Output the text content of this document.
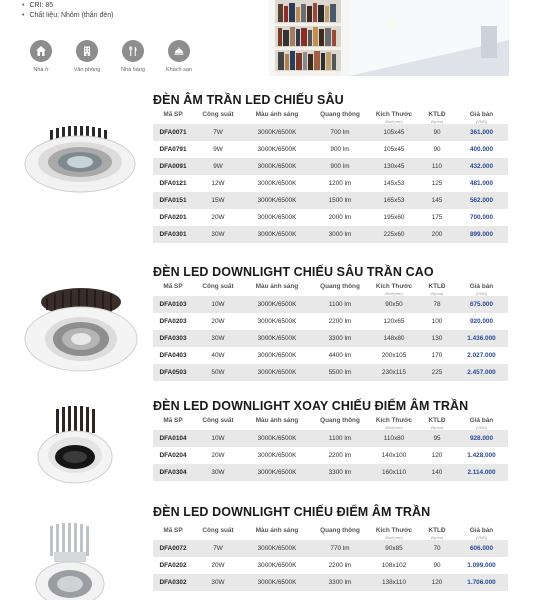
• CRI: 85
• Chất liệu: Nhôm (thân đèn)
Nhà ở	Văn phòng	Nhà hàng	Khách sạn
ĐÈN ÂM TRẦN LED CHIẾU SÂU
Mã SP	Công suất	Màu ánh sáng	Quang thông	Kích Thước
ØxH(mm)	KTLĐ
Ø(mm)	Giá bán
(VND)

DFA0071	7W	3000K/6500K	700 lm	105x45	90	361.000
DFA0791	9W	3000K/6500K	900 lm	105x45	90	400.000
DFA0091	9W	3000K/6500K	900 lm	130x45	110	432.000
DFA0121	12W	3000K/6500K	1200 lm	145x53	125	481.000
DFA0151	15W	3000K/6500K	1500 lm	165x53	145	562.000
DFA0201	20W	3000K/6500K	2000 lm	195x60	175	700.000
DFA0301	30W	3000K/6500K	3000 lm	225x60	200	899.000
ĐÈN LED DOWNLIGHT CHIẾU SÂU TRẦN CAO
Mã SP	Công suất	Màu ánh sáng	Quang thông	Kích Thước
ØxH(mm)	KTLĐ
Ø(mm)	Giá bán
(VND)

DFA0103	10W	3000K/6500K	1100 lm	90x50	78	675.000
DFA0203	20W	3000K/6500K	2200 lm	120x65	100	920.000
DFA0303	30W	3000K/6500K	3300 lm	148x80	130	1.436.000
DFA0403	40W	3000K/6500K	4400 lm	200x105	170	2.027.000
DFA0503	50W	3000K/6500K	5500 lm	230x115	225	2.457.000
ĐÈN LED DOWNLIGHT XOAY CHIẾU ĐIỂM ÂM TRẦN
Mã SP	Công suất	Màu ánh sáng	Quang thông	Kích Thước
ØxH(mm)	KTLĐ
Ø(mm)	Giá bán
(VND)

DFA0104	10W	3000K/6500K	1100 lm	110x80	95	928.000
DFA0204	20W	3000K/6500K	2200 lm	140x100	120	1.428.000
DFA0304	30W	3000K/6500K	3300 lm	160x110	140	2.114.000
ĐÈN LED DOWNLIGHT CHIẾU ĐIỂM ÂM TRẦN
Mã SP	Công suất	Màu ánh sáng	Quang thông	Kích Thước
ØxH(mm)	KTLĐ
Ø(mm)	Giá bán
(VND)

DFA0072	7W	3000K/6500K	770 lm	90x85	70	606.000
DFA0202	20W	3000K/6500K	2200 lm	108x102	90	1.099.000
DFA0302	30W	3000K/6500K	3300 lm	138x110	120	1.706.000
